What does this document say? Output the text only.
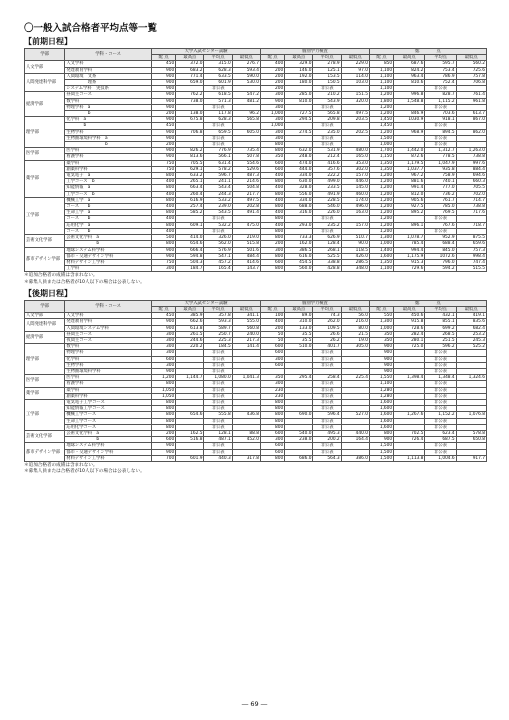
〇一般入試合格者平均点等一覧
【前期日程】
学部	学科・コース	大学入試センター試験				個別学力検査				総　　　　点			
		配 点	最高点	平均点	最低点	配 点	最高点	平均点	最低点	配 点	最高点	平均点	最低点
人文学部	人文学科	450	372.0	315.0	276.7	400	329.0	278.9	229.0	850	687.6	595.7	560.2
	発達教育学科	900	683.2	628.3	593.4	200	146.0	125.1	97.0	1,100	824.2	753.4	725.6
人間発達科学部	人間環境　文系	900	771.4	633.5	590.0	200	192.0	153.5	114.0	1,100	963.4	786.9	757.8
	　　　　　理系	900	659.0	601.9	530.0	200	180.0	150.5	103.0	1,100	810.6	752.4	706.8
	システム学科　実技系	900		非公表		200		非公表		1,100		非公表	
経済学部	昼間主コース	900	762.2	618.5	547.2	300	285.0	210.2	151.5	1,200	996.8	828.7	761.4
	数学科	900	738.0	571.3	481.2	900	810.0	543.9	320.0	1,800	1,548.8	1,115.2	961.8
	物理学科　a	900		非公表		300		非公表		1,200		非公表	
	　　　　　b	200	138.0	117.8	96.2	1,000	727.5	565.8	497.5	1,200	846.9	703.6	613.7
理学部	化学科　a	900	675.8	628.3	565.8	300	294.5	209.8	203.5	1,450	1030.9	918.1	867.0
	　　　　b	450		非公表		1,000		非公表		1,450		非公表	
	生物学科	900	706.8	659.5	605.0	300	274.5	235.0	202.5	1,200	968.9	894.5	862.0
	生物圏環境科学科　a	900		非公表		300		非公表		1,500		非公表	
	　　　　　　　　　b	200		非公表		800		非公表		1,000		非公表	
医学部	医学科	900	826.2	776.9	735.4	800	632.0	531.9	480.0	1,700	1,442.0	1,312.7	1,263.0
	看護学科	900	813.6	566.1	507.8	350	248.0	212.4	165.0	1,150	872.6	778.5	738.8
薬学部	薬学科	750	705.5	631.4	554.6	600	474.0	416.6	353.0	1,350	1,179.5	1,047.9	997.6
	創薬科学科	750	629.1	578.2	529.6	600	444.0	357.6	302.0	1,350	1,037.7	935.8	884.4
	電気電子　a	800	633.2	596.7	487.3	400	334.0	222.2	157.0	1,200	967.2	758.9	694.6
	工学コース　b	400	265.1	241.1	214.6	800	630.0	499.0	446.0	1,200	881.6	740.1	660.3
	知能情報　a	800	663.4	543.4	504.8	400	328.0	233.5	145.0	1,200	991.4	777.0	705.5
	工学コース　b	400	260.4	244.3	217.7	800	556.0	491.9	460.0	1,200	812.0	736.2	702.0
工学部	機械工学　a	800	616.9	533.2	497.5	400	334.0	228.5	174.0	1,200	905.6	761.7	714.7
	コース　　b	400	257.4	239.0	202.8	800	688.0	546.0	496.0	1,200	927.5	785.0	738.8
	生命工学　a	800	585.2	543.5	491.4	400	316.0	226.0	163.0	1,200	895.2	769.5	717.6
	コース　　b	400		非公表		800		非公表		1,200		非公表	
	応用化学　a	800	609.1	532.2	475.0	400	293.0	235.2	157.0	1,200	896.1	767.6	718.7
	コース　　b	400		非公表		800		非公表		1,200		非公表	
芸術文化学部	芸術文化学科　a	500	414.0	326.0	219.0	800	733.3	626.9	510.7	1,300	1,078.7	952.9	875.5
	　　　　　　　b	800	654.6	562.0	515.8	200	162.0	128.4	90.0	1,000	785.4	688.4	659.6
都市デザイン学部	地球システム科学科	900	666.4	576.9	501.6	300	386.5	268.1	118.5	1,400	994.4	845.0	757.3
	都市・交通デザイン学科	900	594.8	547.1	484.4	800	616.0	525.5	426.0	1,600	1,175.9	1072.6	998.4
	材料デザイン工学科	750	504.3	457.2	414.6	600	454.5	338.8	286.5	1,350	915.3	796.0	747.4
	工学科	300	184.7	165.4	143.7	800	560.0	428.8	348.0	1,100	729.6	594.2	515.5
＊追加合格者の成績は含まれない。
＊募集人員または合格者が10人以下の場合は公表しない。
【後期日程】
学部	学科・コース	大学入試センター試験				個別学力検査				総　　　　点			
		配 点	最高点	平均点	最低点	配 点	最高点	平均点	最低点	配 点	最高点	平均点	最低点
人文学部	人文学科	450	385.9	357.8	341.1	100	89.0	74.3	56.0	550	450.6	432.1	419.1
人間発達科学部	発達教育学科	900	662.6	593.3	555.0	400	310.0	262.0	216.0	1,300	915.8	855.1	835.6
	人間環境システム学科	900	613.8	589.7	560.8	200	133.0	109.5	80.0	1,000	728.6	699.2	682.4
経済学部	昼間主コース	300	261.5	250.7	240.0	50	35.5	26.6	21.5	350	282.4	268.5	253.2
	夜間主コース	300	244.6	225.3	217.3	50	35.5	26.2	19.0	350	280.1	251.5	245.3
理学部	数学科	300	220.2	184.5	141.4	600	510.0	401.7	305.0	900	725.0	596.2	525.2
	物理学科	300		非公表		600		非公表		900		非公表	
	化学科	600		非公表		300		非公表		900		非公表	
	生物学科	300		非公表		600		非公表		900		非公表	
	生物圏環境科学科	900		非公表						900		非公表	
医学部	医学科	1,200	1,144.7	1,080.0	1,041.3	350	295.4	258.4	225.4	1,550	1,398.4	1,348.4	1,324.6
	看護学科	800		非公表		300		非公表		1,100		非公表	
薬学部	薬学科	1,050		非公表		230		非公表		1,280		非公表	
	創薬科学科	1,050		非公表		230		非公表		1,280		非公表	
工学部	電気電子工学コース	800		非公表		800		非公表		1,600		非公表	
	知能情報工学コース	800		非公表		800		非公表		1,600		非公表	
	機械工学コース	800	654.6	555.8	436.8	800	690.0	596.4	527.0	1,600	1,267.6	1,152.2	1,076.8
	生命工学コース	800		非公表		800		非公表		1,600		非公表	
	応用化学コース	800		非公表		800		非公表		1,600		非公表	
芸術文化学部	芸術文化学科　a	200	162.5	128.1	88.8	600	540.0	495.3	440.0	800	702.5	623.4	578.8
	　　　　　　　b	600	516.8	487.1	452.0	300	238.0	200.2	164.4	900	726.4	687.5	650.8
都市デザイン学部	地球システム科学科	900		非公表		600		非公表		1,500		非公表	
	都市・交通デザイン学科	900		非公表		600		非公表		1,500		非公表	
	材料デザイン工学科	700	601.9	440.3	317.8	800	686.0	564.3	386.0	1,500	1,113.8	1,004.6	917.7
＊追加合格者の成績は含まれない。
＊募集人員または合格者が10人以下の場合は公表しない。
― 69 ―
